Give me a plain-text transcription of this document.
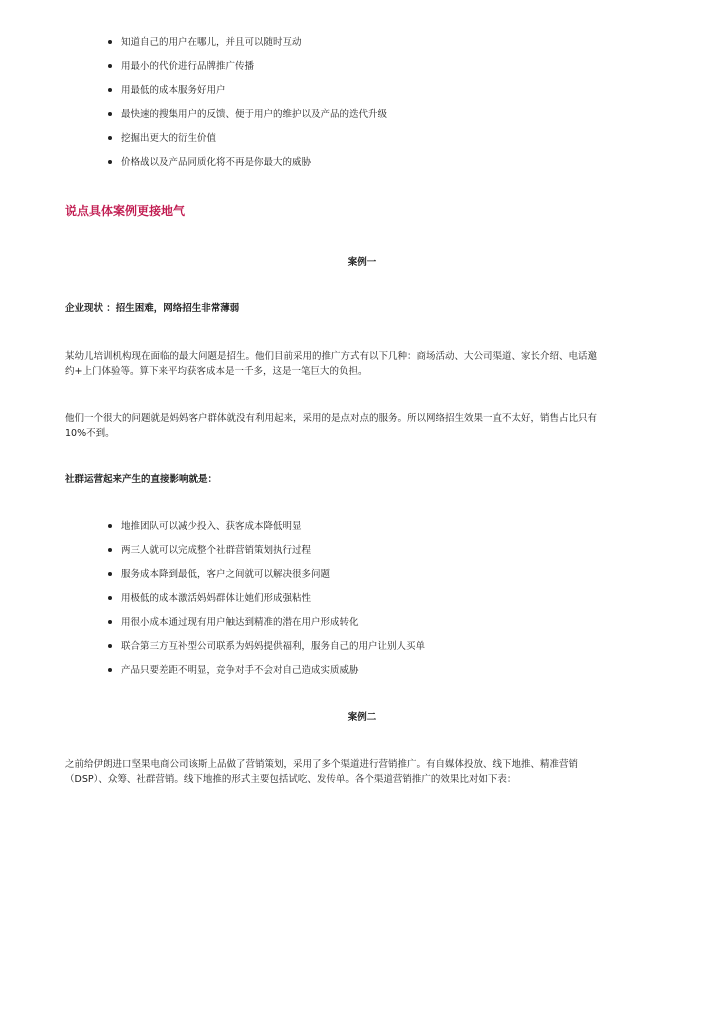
知道自己的用户在哪儿，并且可以随时互动
用最小的代价进行品牌推广传播
用最低的成本服务好用户
最快速的搜集用户的反馈、便于用户的维护以及产品的迭代升级
挖掘出更大的衍生价值
价格战以及产品同质化将不再是你最大的威胁
说点具体案例更接地气
案例一
企业现状 ：招生困难，网络招生非常薄弱
某幼儿培训机构现在面临的最大问题是招生。他们目前采用的推广方式有以下几种：商场活动、大公司渠道、家长介绍、电话邀
约+上门体验等。算下来平均获客成本是一千多，这是一笔巨大的负担。
他们一个很大的问题就是妈妈客户群体就没有利用起来，采用的是点对点的服务。所以网络招生效果一直不太好，销售占比只有
10%不到。
社群运营起来产生的直接影响就是：
地推团队可以减少投入、获客成本降低明显
两三人就可以完成整个社群营销策划执行过程
服务成本降到最低，客户之间就可以解决很多问题
用极低的成本激活妈妈群体让她们形成强粘性
用很小成本通过现有用户触达到精准的潜在用户形成转化
联合第三方互补型公司联系为妈妈提供福利，服务自己的用户让别人买单
产品只要差距不明显，竞争对手不会对自己造成实质威胁
案例二
之前给伊朗进口坚果电商公司该斯上品做了营销策划，采用了多个渠道进行营销推广。有自媒体投放、线下地推、精准营销
（DSP）、众筹、社群营销。线下地推的形式主要包括试吃、发传单。各个渠道营销推广的效果比对如下表：
